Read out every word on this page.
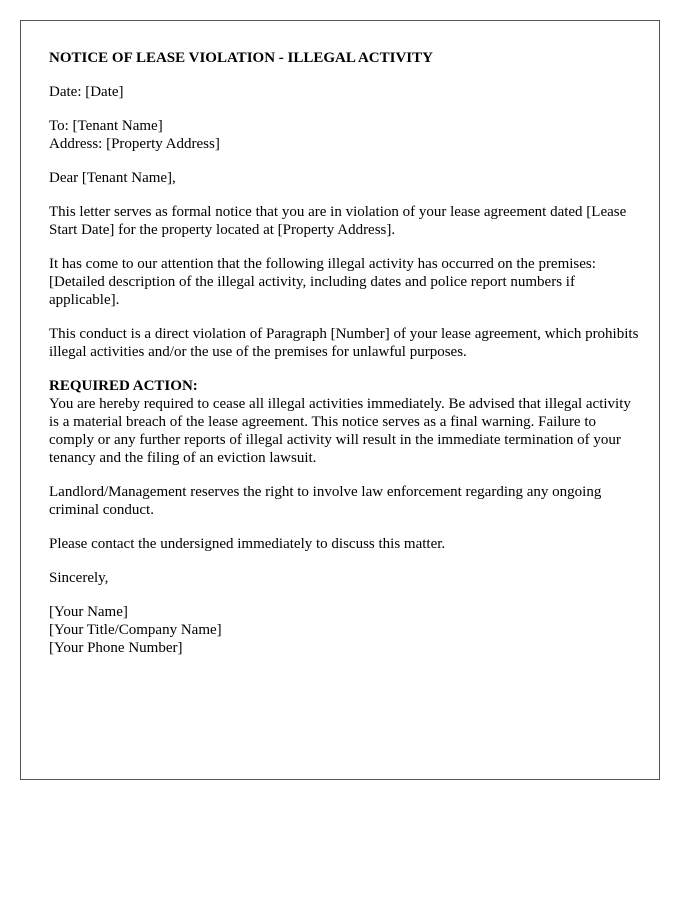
NOTICE OF LEASE VIOLATION - ILLEGAL ACTIVITY
Date: [Date]
To: [Tenant Name]
Address: [Property Address]
Dear [Tenant Name],
This letter serves as formal notice that you are in violation of your lease agreement dated [Lease Start Date] for the property located at [Property Address].
It has come to our attention that the following illegal activity has occurred on the premises: [Detailed description of the illegal activity, including dates and police report numbers if applicable].
This conduct is a direct violation of Paragraph [Number] of your lease agreement, which prohibits illegal activities and/or the use of the premises for unlawful purposes.
REQUIRED ACTION:
You are hereby required to cease all illegal activities immediately. Be advised that illegal activity is a material breach of the lease agreement. This notice serves as a final warning. Failure to comply or any further reports of illegal activity will result in the immediate termination of your tenancy and the filing of an eviction lawsuit.
Landlord/Management reserves the right to involve law enforcement regarding any ongoing criminal conduct.
Please contact the undersigned immediately to discuss this matter.
Sincerely,
[Your Name]
[Your Title/Company Name]
[Your Phone Number]
